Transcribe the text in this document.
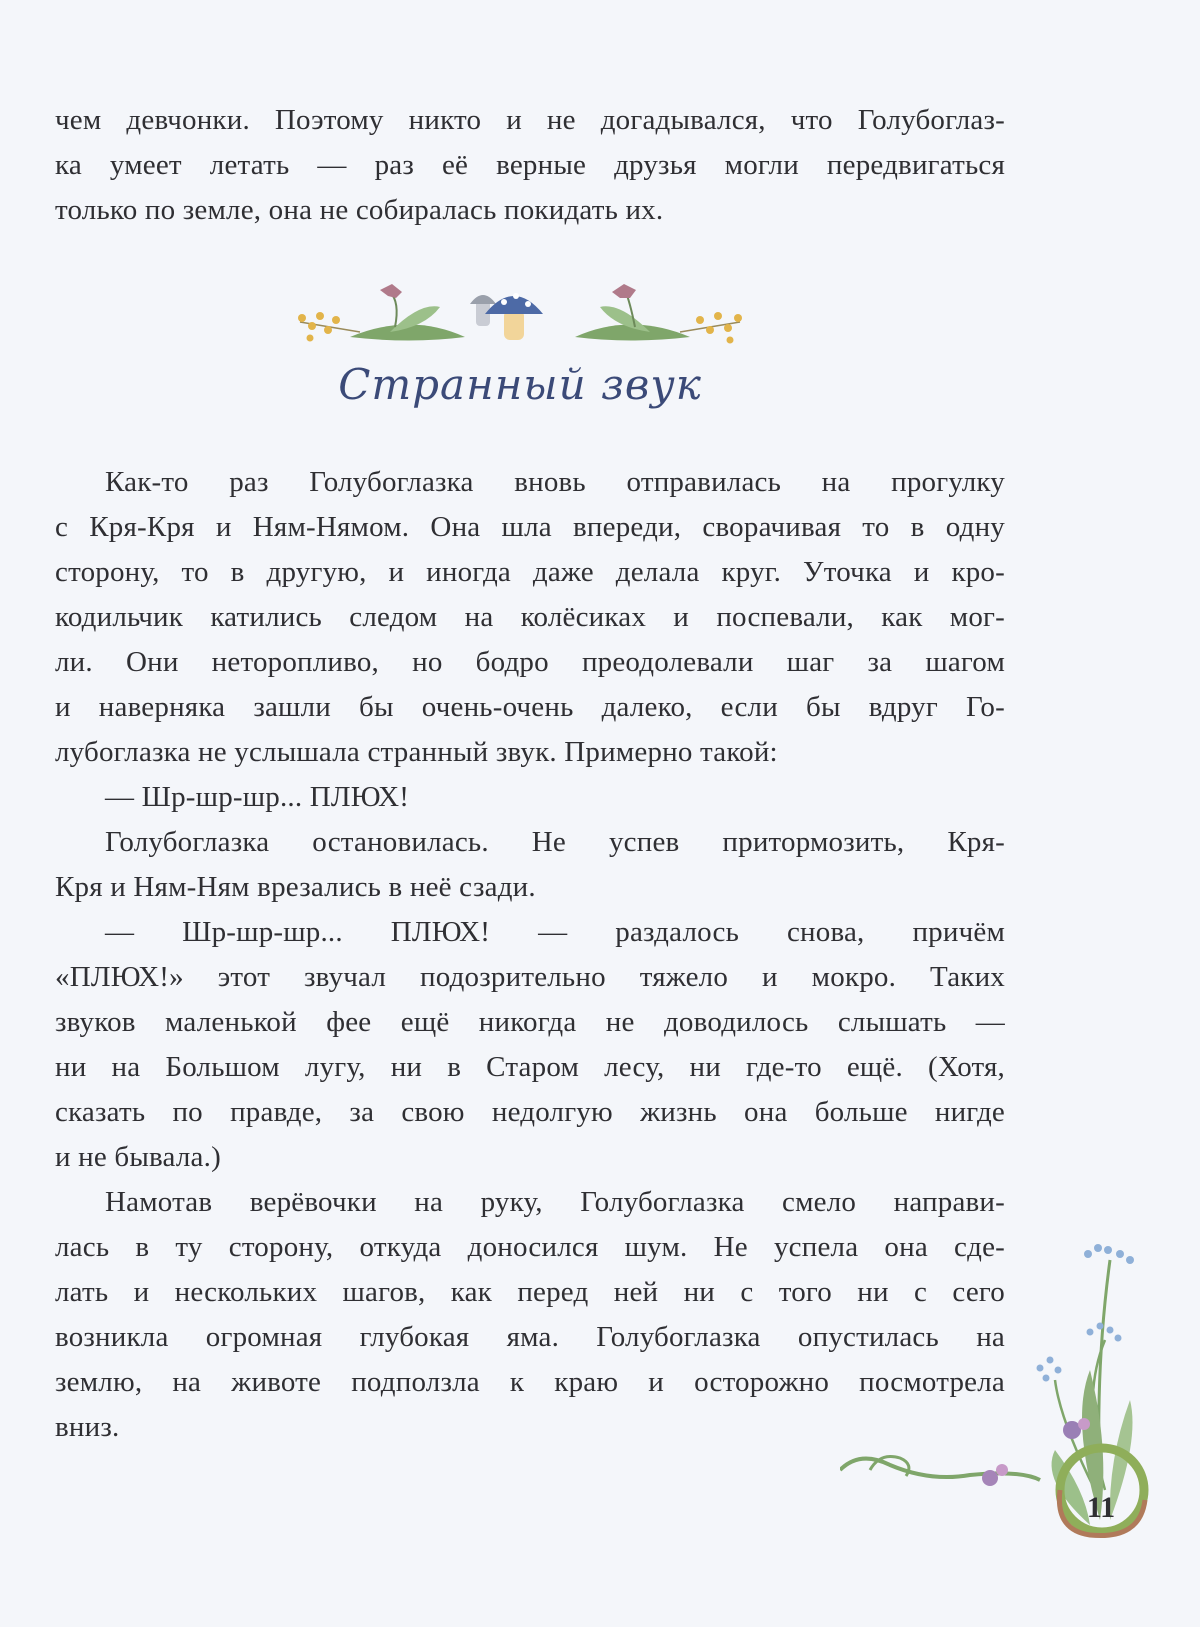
чем девчонки. Поэтому никто и не догадывался, что Голубоглаз-
ка умеет летать — раз её верные друзья могли передвигаться
только по земле, она не собиралась покидать их.

Странный звук

Как-то раз Голубоглазка вновь отправилась на прогулку
с Кря-Кря и Ням-Нямом. Она шла впереди, сворачивая то в одну
сторону, то в другую, и иногда даже делала круг. Уточка и кро-
кодильчик катились следом на колёсиках и поспевали, как мог-
ли. Они неторопливо, но бодро преодолевали шаг за шагом
и наверняка зашли бы очень-очень далеко, если бы вдруг Го-
лубоглазка не услышала странный звук. Примерно такой:

— Шр-шр-шр... ПЛЮХ!

Голубоглазка остановилась. Не успев притормозить, Кря-
Кря и Ням-Ням врезались в неё сзади.

— Шр-шр-шр... ПЛЮХ! — раздалось снова, причём
«ПЛЮХ!» этот звучал подозрительно тяжело и мокро. Таких
звуков маленькой фее ещё никогда не доводилось слышать —
ни на Большом лугу, ни в Старом лесу, ни где-то ещё. (Хотя,
сказать по правде, за свою недолгую жизнь она больше нигде
и не бывала.)

Намотав верёвочки на руку, Голубоглазка смело направи-
лась в ту сторону, откуда доносился шум. Не успела она сде-
лать и нескольких шагов, как перед ней ни с того ни с сего
возникла огромная глубокая яма. Голубоглазка опустилась на
землю, на животе подползла к краю и осторожно посмотрела
вниз.

11
